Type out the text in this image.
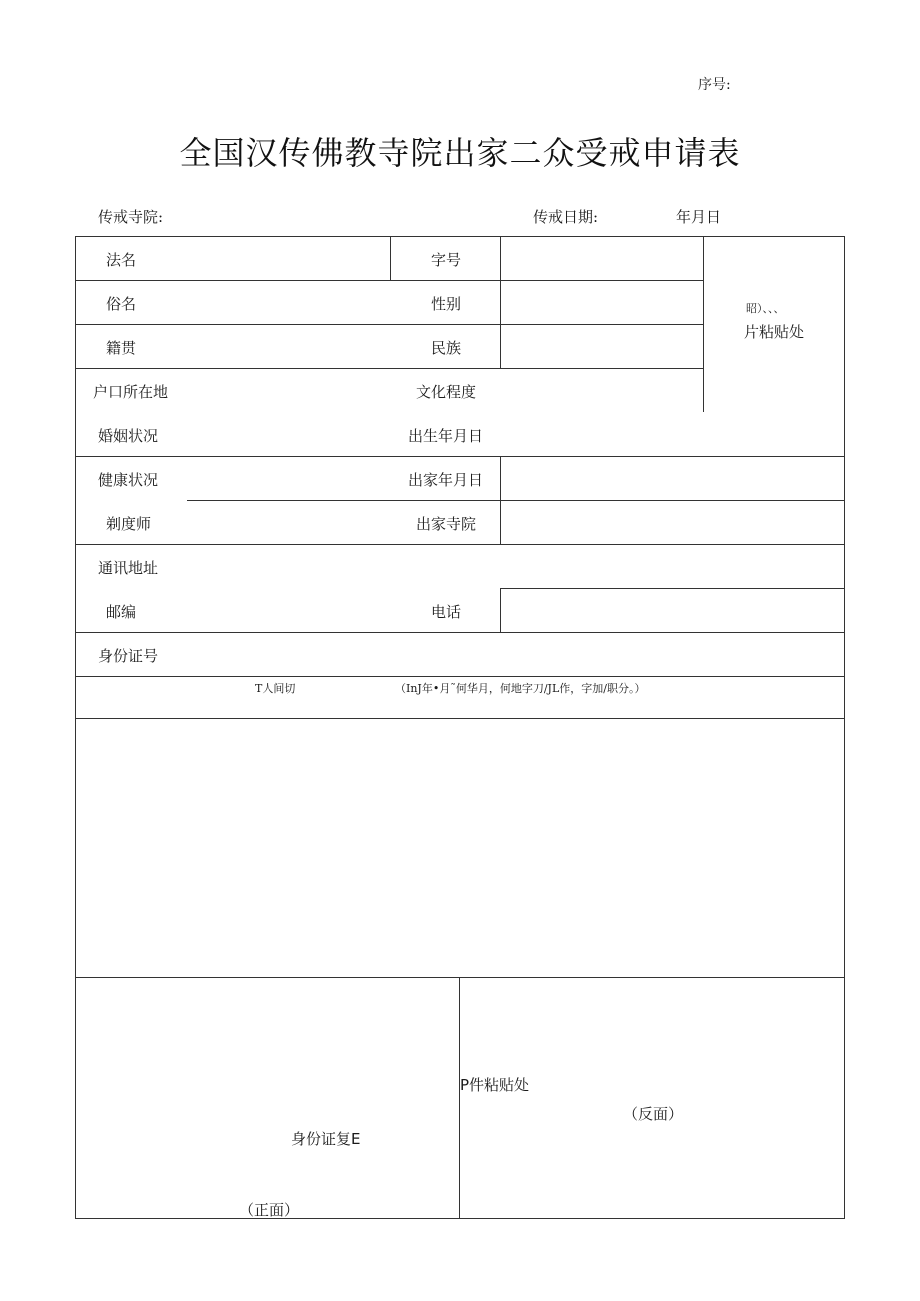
序号:
全国汉传佛教寺院出家二众受戒申请表
传戒寺院:	传戒日期:	年月日
法名	字号
俗名	性别
籍贯	民族
户口所在地	文化程度
婚姻状况	出生年月日
健康状况	出家年月日
剃度师	出家寺院
通讯地址
邮编	电话
身份证号
T人间切	（InJ年•月˜何华月，何地字刀/JL作，字加/职分。）
昭）、、、
片粘贴处
身份证复E
（正面）
P件粘贴处
（反面）
